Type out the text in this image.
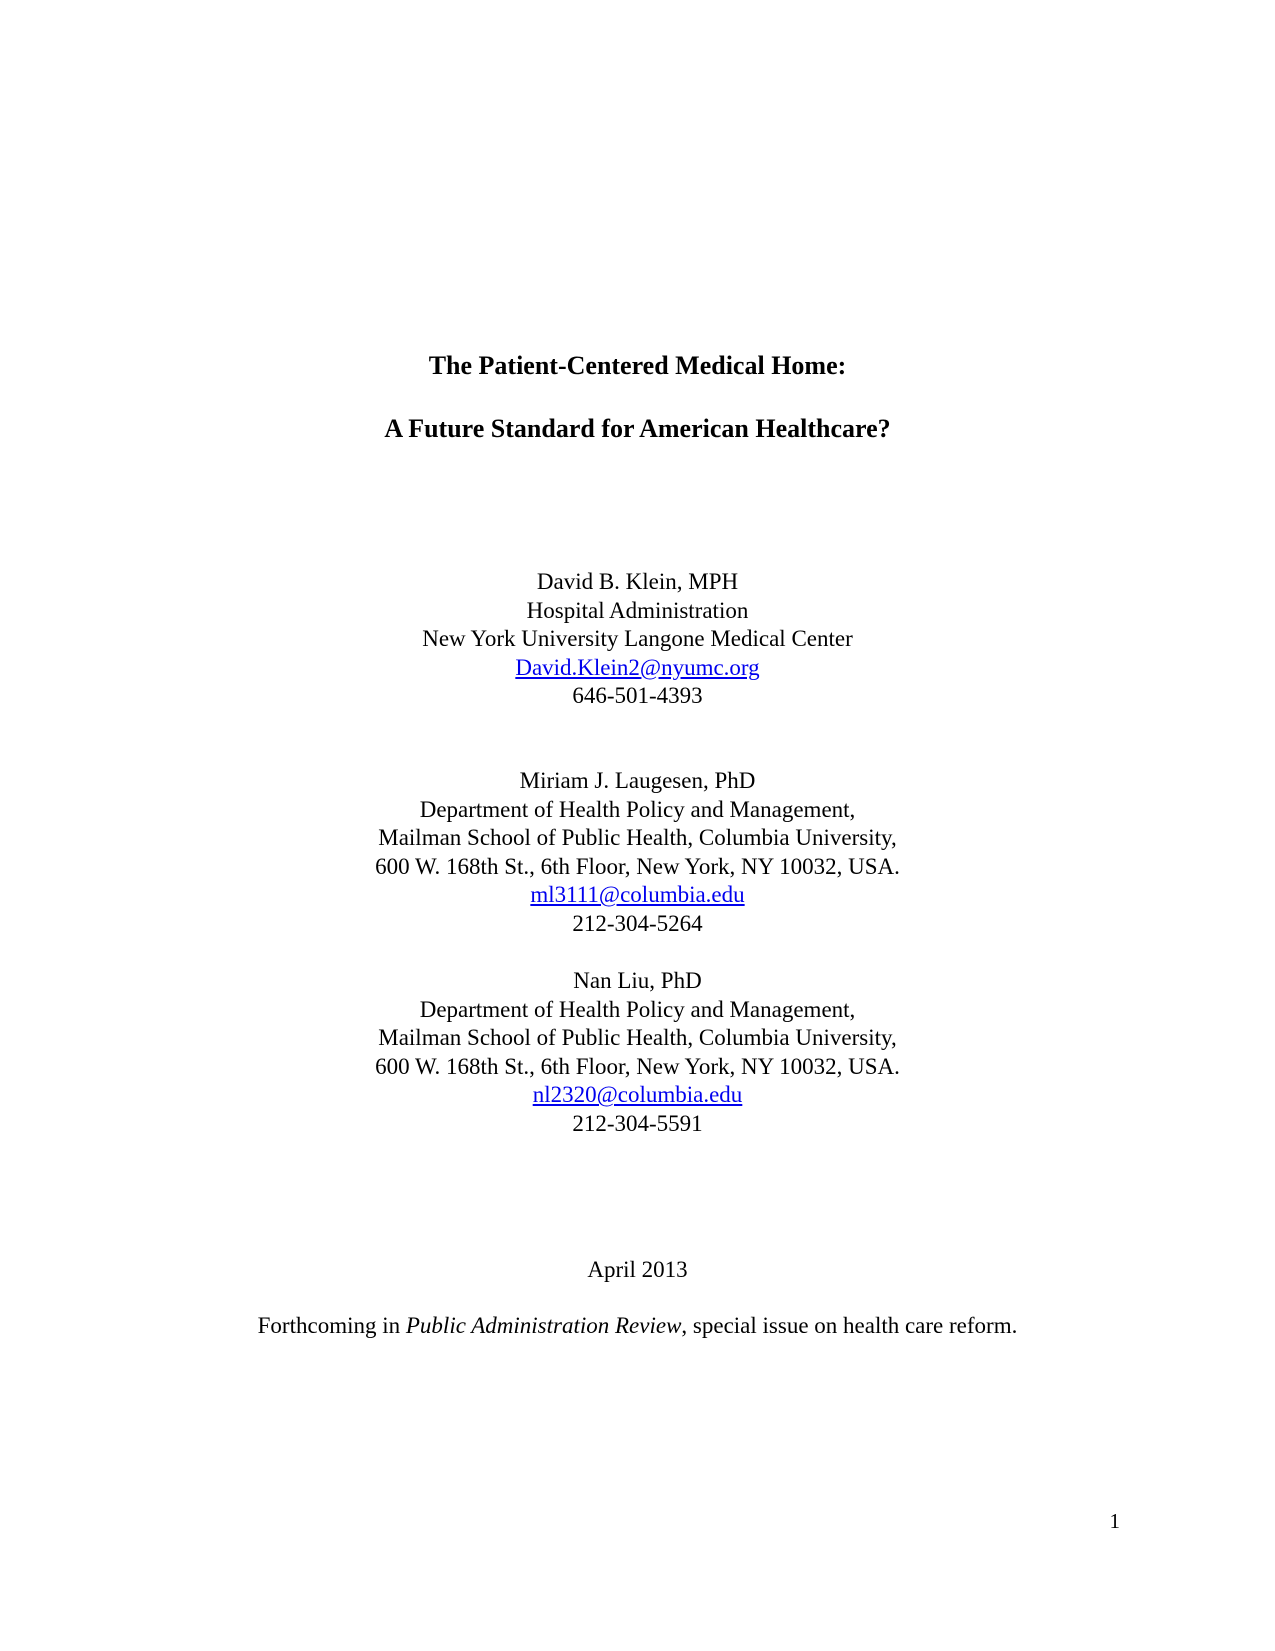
The Patient-Centered Medical Home:
A Future Standard for American Healthcare?
David B. Klein, MPH
Hospital Administration
New York University Langone Medical Center
David.Klein2@nyumc.org
646-501-4393
Miriam J. Laugesen, PhD
Department of Health Policy and Management,
Mailman School of Public Health, Columbia University,
600 W. 168th St., 6th Floor, New York, NY 10032, USA.
ml3111@columbia.edu
212-304-5264
Nan Liu, PhD
Department of Health Policy and Management,
Mailman School of Public Health, Columbia University,
600 W. 168th St., 6th Floor, New York, NY 10032, USA.
nl2320@columbia.edu
212-304-5591
April 2013
Forthcoming in Public Administration Review, special issue on health care reform.
1
